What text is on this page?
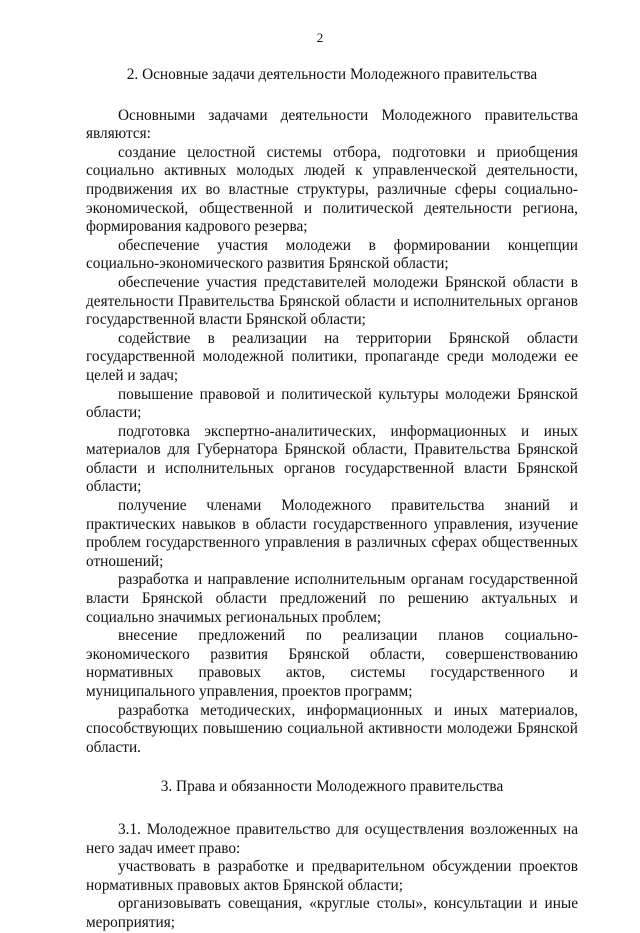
2

2. Основные задачи деятельности Молодежного правительства

Основными задачами деятельности Молодежного правительства являются:

создание целостной системы отбора, подготовки и приобщения социально активных молодых людей к управленческой деятельности, продвижения их во властные структуры, различные сферы социально-экономической, общественной и политической деятельности региона, формирования кадрового резерва;

обеспечение участия молодежи в формировании концепции социально-экономического развития Брянской области;

обеспечение участия представителей молодежи Брянской области в деятельности Правительства Брянской области и исполнительных органов государственной власти Брянской области;

содействие в реализации на территории Брянской области государственной молодежной политики, пропаганде среди молодежи ее целей и задач;

повышение правовой и политической культуры молодежи Брянской области;

подготовка экспертно-аналитических, информационных и иных материалов для Губернатора Брянской области, Правительства Брянской области и исполнительных органов государственной власти Брянской области;

получение членами Молодежного правительства знаний и практических навыков в области государственного управления, изучение проблем государственного управления в различных сферах общественных отношений;

разработка и направление исполнительным органам государственной власти Брянской области предложений по решению актуальных и социально значимых региональных проблем;

внесение предложений по реализации планов социально-экономического развития Брянской области, совершенствованию нормативных правовых актов, системы государственного и муниципального управления, проектов программ;

разработка методических, информационных и иных материалов, способствующих повышению социальной активности молодежи Брянской области.

3. Права и обязанности Молодежного правительства

3.1. Молодежное правительство для осуществления возложенных на него задач имеет право:

участвовать в разработке и предварительном обсуждении проектов нормативных правовых актов Брянской области;

организовывать совещания, «круглые столы», консультации и иные мероприятия;
